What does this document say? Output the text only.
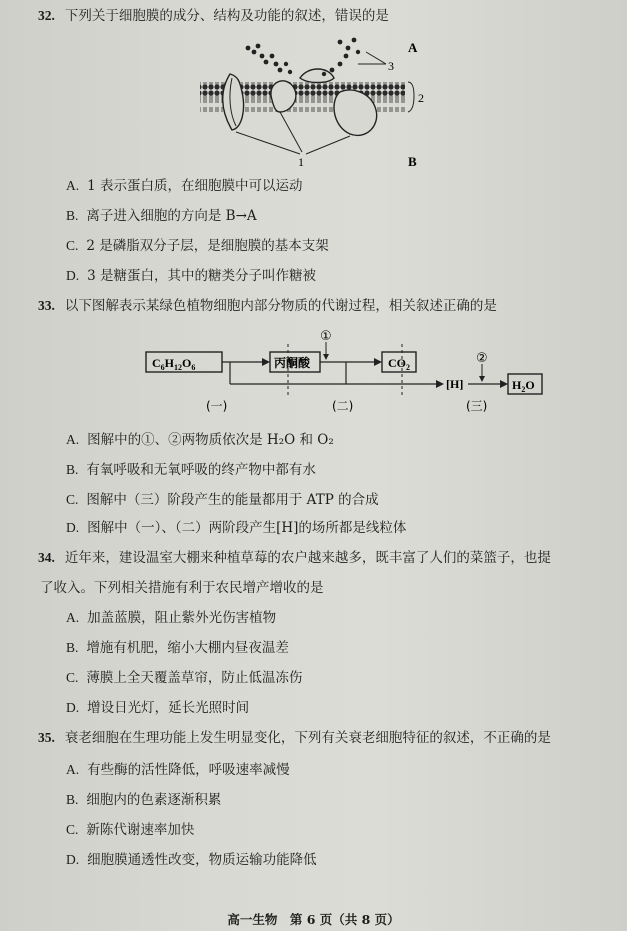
32. 下列关于细胞膜的成分、结构及功能的叙述，错误的是
A
3
2
1	B
A. 1 表示蛋白质，在细胞膜中可以运动
B. 离子进入细胞的方向是 B→A
C. 2 是磷脂双分子层，是细胞膜的基本支架
D. 3 是糖蛋白，其中的糖类分子叫作糖被
33. 以下图解表示某绿色植物细胞内部分物质的代谢过程，相关叙述正确的是
$C_6H_{12}O_6$	丙酮酸
①
$CO_2$
[H]
②
$H_2O$
(一)	(二)	(三)
A. 图解中的①、②两物质依次是 H₂O 和 O₂
B. 有氧呼吸和无氧呼吸的终产物中都有水
C. 图解中（三）阶段产生的能量都用于 ATP 的合成
D. 图解中（一）、（二）两阶段产生[H]的场所都是线粒体
34. 近年来，建设温室大棚来种植草莓的农户越来越多，既丰富了人们的菜篮子，也提
了收入。下列相关措施有利于农民增产增收的是
A. 加盖蓝膜，阻止紫外光伤害植物
B. 增施有机肥，缩小大棚内昼夜温差
C. 薄膜上全天覆盖草帘，防止低温冻伤
D. 增设日光灯，延长光照时间
35. 衰老细胞在生理功能上发生明显变化，下列有关衰老细胞特征的叙述，不正确的是
A. 有些酶的活性降低，呼吸速率减慢
B. 细胞内的色素逐渐积累
C. 新陈代谢速率加快
D. 细胞膜通透性改变，物质运输功能降低
高一生物　第 6 页（共 8 页）
